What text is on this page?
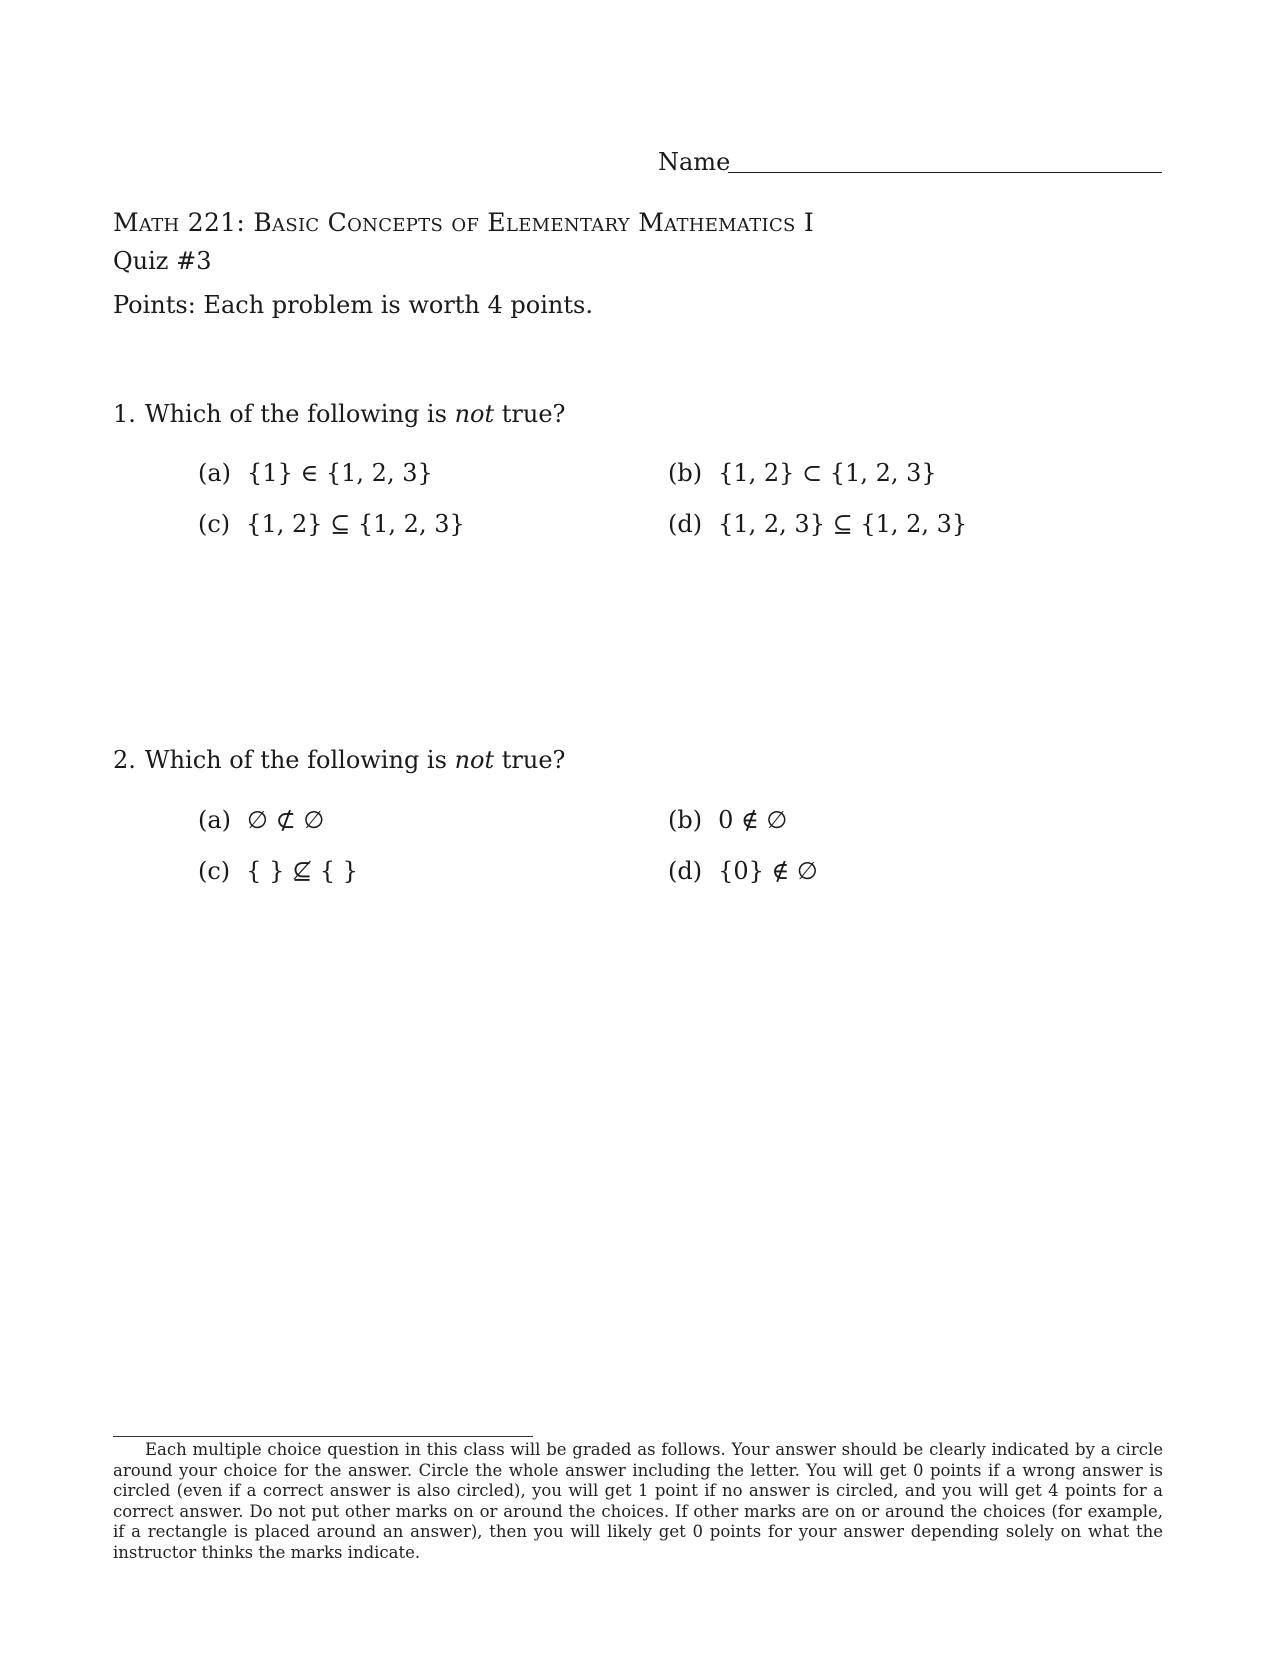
Name
Math 221: Basic Concepts of Elementary Mathematics I
Quiz #3
Points: Each problem is worth 4 points.
1. Which of the following is not true?
(a) {1} ∈ {1, 2, 3}	(b) {1, 2} ⊂ {1, 2, 3}
(c) {1, 2} ⊆ {1, 2, 3}	(d) {1, 2, 3} ⊆ {1, 2, 3}
2. Which of the following is not true?
(a) ∅ ⊄ ∅	(b) 0 ∉ ∅
(c) { } ⊈ { }	(d) {0} ∉ ∅
Each multiple choice question in this class will be graded as follows. Your answer should be clearly indicated by a circle around your choice for the answer. Circle the whole answer including the letter. You will get 0 points if a wrong answer is circled (even if a correct answer is also circled), you will get 1 point if no answer is circled, and you will get 4 points for a correct answer. Do not put other marks on or around the choices. If other marks are on or around the choices (for example, if a rectangle is placed around an answer), then you will likely get 0 points for your answer depending solely on what the instructor thinks the marks indicate.
